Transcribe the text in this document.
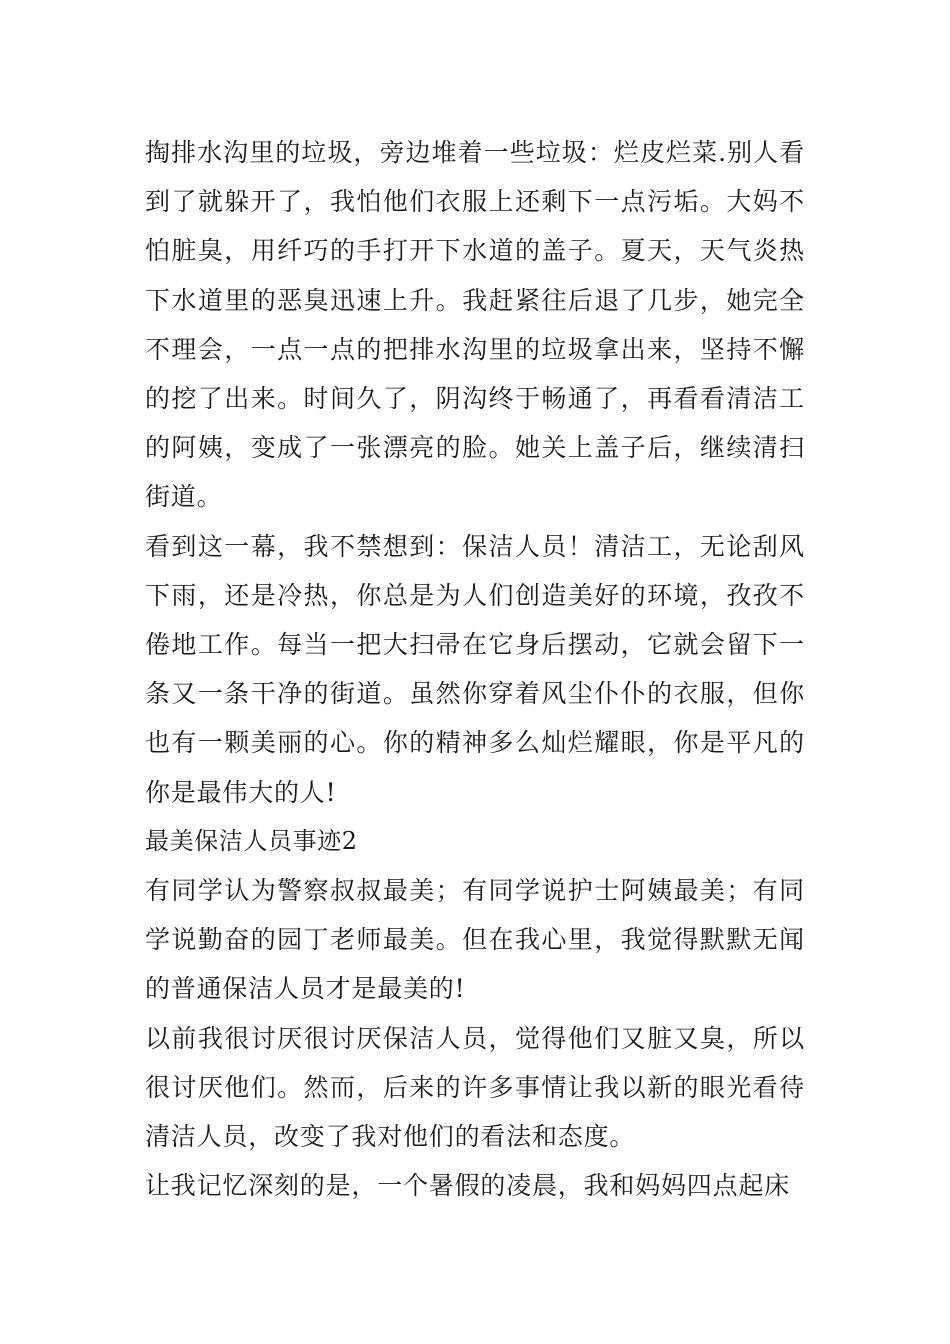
掏排水沟里的垃圾，旁边堆着一些垃圾：烂皮烂菜.别人看到了就躲开了，我怕他们衣服上还剩下一点污垢。大妈不怕脏臭，用纤巧的手打开下水道的盖子。夏天，天气炎热下水道里的恶臭迅速上升。我赶紧往后退了几步，她完全不理会，一点一点的把排水沟里的垃圾拿出来，坚持不懈的挖了出来。时间久了，阴沟终于畅通了，再看看清洁工的阿姨，变成了一张漂亮的脸。她关上盖子后，继续清扫街道。

看到这一幕，我不禁想到：保洁人员！清洁工，无论刮风下雨，还是冷热，你总是为人们创造美好的环境，孜孜不倦地工作。每当一把大扫帚在它身后摆动，它就会留下一条又一条干净的街道。虽然你穿着风尘仆仆的衣服，但你也有一颗美丽的心。你的精神多么灿烂耀眼，你是平凡的你是最伟大的人!

最美保洁人员事迹2

有同学认为警察叔叔最美；有同学说护士阿姨最美；有同学说勤奋的园丁老师最美。但在我心里，我觉得默默无闻的普通保洁人员才是最美的!

以前我很讨厌很讨厌保洁人员，觉得他们又脏又臭，所以很讨厌他们。然而，后来的许多事情让我以新的眼光看待清洁人员，改变了我对他们的看法和态度。

让我记忆深刻的是，一个暑假的凌晨，我和妈妈四点起床
